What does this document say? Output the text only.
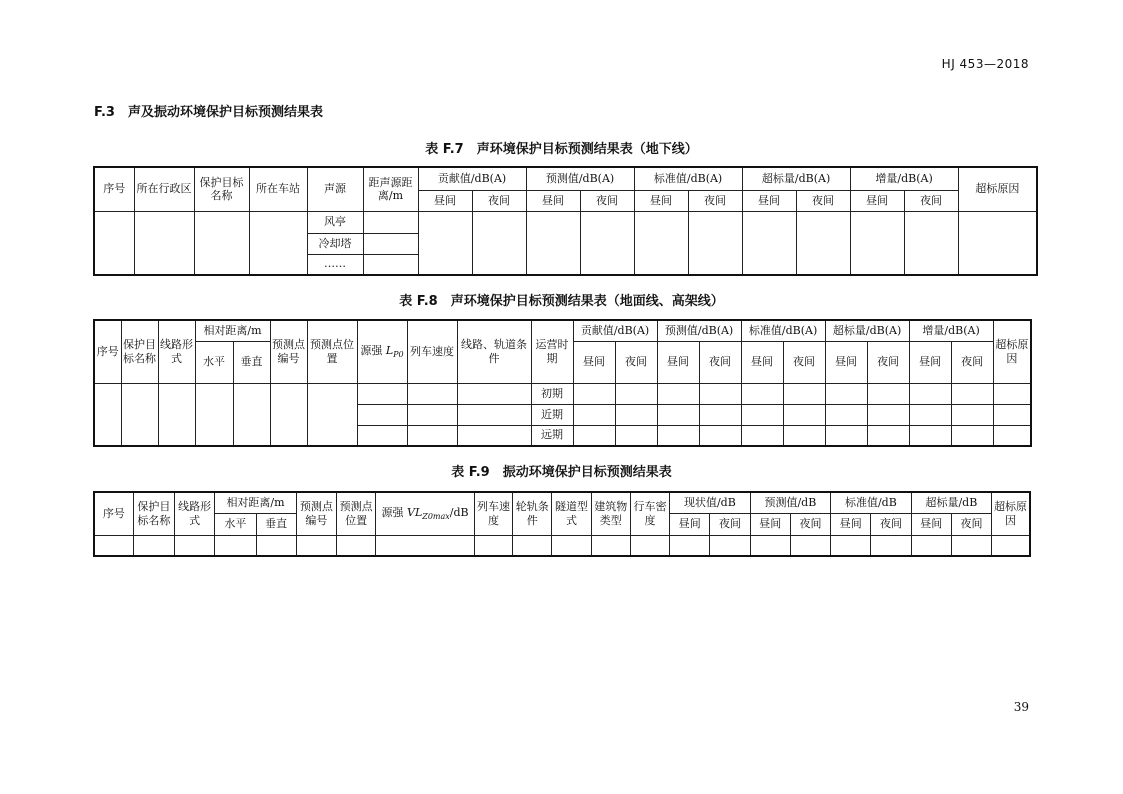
HJ 453—2018
F.3　声及振动环境保护目标预测结果表
表 F.7　声环境保护目标预测结果表（地下线）
序号	所在行政区	保护目标名称	所在车站	声源	距声源距离/m	贡献值/dB(A)		预测值/dB(A)		标准值/dB(A)		超标量/dB(A)		增量/dB(A)		超标原因
						昼间	夜间	昼间	夜间	昼间	夜间	昼间	夜间	昼间	夜间	
				风亭												
				冷却塔												
				……												
表 F.8　声环境保护目标预测结果表（地面线、高架线）
序号	保护目标名称	线路形式	相对距离/m		预测点编号	预测点位置	源强 $L_{P0}$	列车速度	线路、轨道条件	运营时期	贡献值/dB(A)		预测值/dB(A)		标准值/dB(A)		超标量/dB(A)		增量/dB(A)		超标原因

			水平	垂直							昼间	夜间	昼间	夜间	昼间	夜间	昼间	夜间	昼间	夜间	
										初期											
										近期											
										远期											
表 F.9　振动环境保护目标预测结果表
序号	保护目标名称	线路形式	相对距离/m		预测点编号	预测点位置	源强 $VL_{Z0max}/dB$	列车速度	轮轨条件	隧道型式	建筑物类型	行车密度	现状值/dB		预测值/dB		标准值/dB		超标量/dB		超标原因

			水平	垂直									昼间	夜间	昼间	夜间	昼间	夜间	昼间	夜间	

39
